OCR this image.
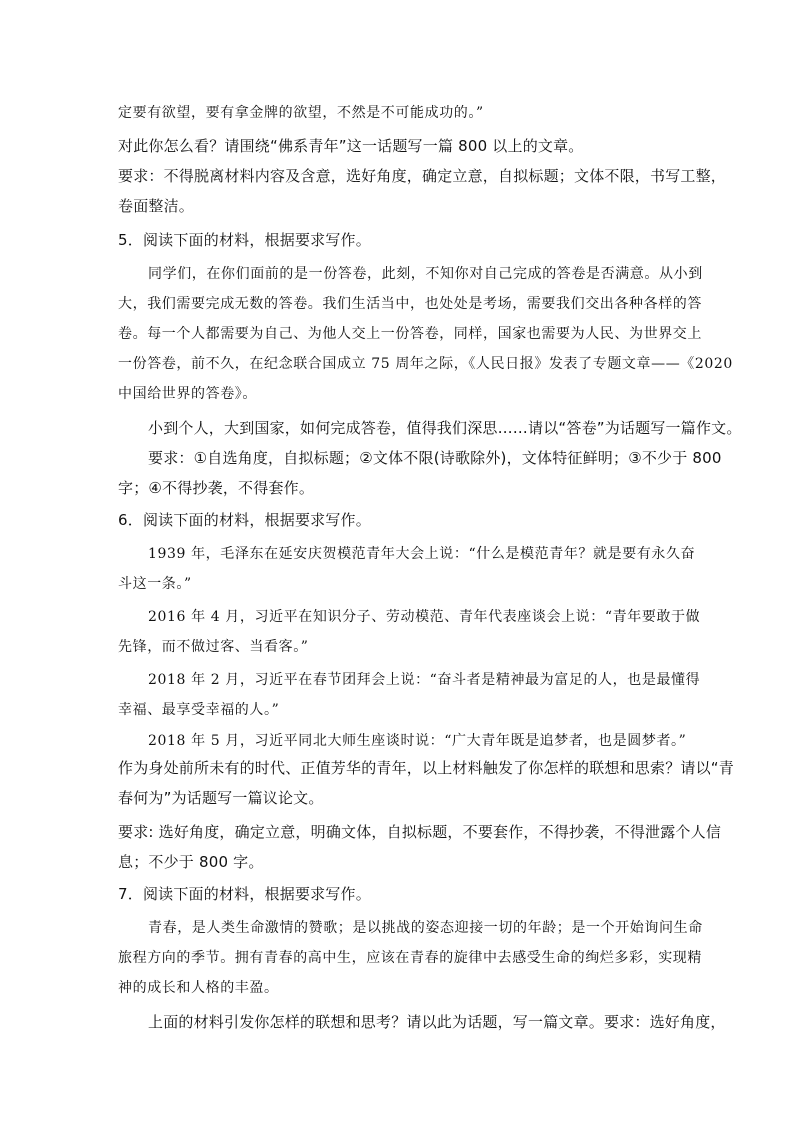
定要有欲望，要有拿金牌的欲望，不然是不可能成功的。”
对此你怎么看？请围绕“佛系青年”这一话题写一篇 800 以上的文章。
要求：不得脱离材料内容及含意，选好角度，确定立意，自拟标题；文体不限，书写工整，
卷面整洁。
5．阅读下面的材料，根据要求写作。
同学们，在你们面前的是一份答卷，此刻，不知你对自己完成的答卷是否满意。从小到
大，我们需要完成无数的答卷。我们生活当中，也处处是考场，需要我们交出各种各样的答
卷。每一个人都需要为自己、为他人交上一份答卷，同样，国家也需要为人民、为世界交上
一份答卷，前不久，在纪念联合国成立 75 周年之际，《人民日报》发表了专题文章——《2020
中国给世界的答卷》。
小到个人，大到国家，如何完成答卷，值得我们深思……请以“答卷”为话题写一篇作文。
要求：①自选角度，自拟标题；②文体不限(诗歌除外)，文体特征鲜明；③不少于 800
字；④不得抄袭，不得套作。
6．阅读下面的材料，根据要求写作。
1939 年，毛泽东在延安庆贺模范青年大会上说：“什么是模范青年？就是要有永久奋
斗这一条。”
2016 年 4 月，习近平在知识分子、劳动模范、青年代表座谈会上说：“青年要敢于做
先锋，而不做过客、当看客。”
2018 年 2 月，习近平在春节团拜会上说：“奋斗者是精神最为富足的人，也是最懂得
幸福、最享受幸福的人。”
2018 年 5 月，习近平同北大师生座谈时说：“广大青年既是追梦者，也是圆梦者。”
作为身处前所未有的时代、正值芳华的青年，以上材料触发了你怎样的联想和思索？请以“青
春何为”为话题写一篇议论文。
要求: 选好角度，确定立意，明确文体，自拟标题，不要套作，不得抄袭，不得泄露个人信
息；不少于 800 字。
7．阅读下面的材料，根据要求写作。
青春，是人类生命激情的赞歌；是以挑战的姿态迎接一切的年龄；是一个开始询问生命
旅程方向的季节。拥有青春的高中生，应该在青春的旋律中去感受生命的绚烂多彩，实现精
神的成长和人格的丰盈。
上面的材料引发你怎样的联想和思考？请以此为话题，写一篇文章。要求：选好角度，
